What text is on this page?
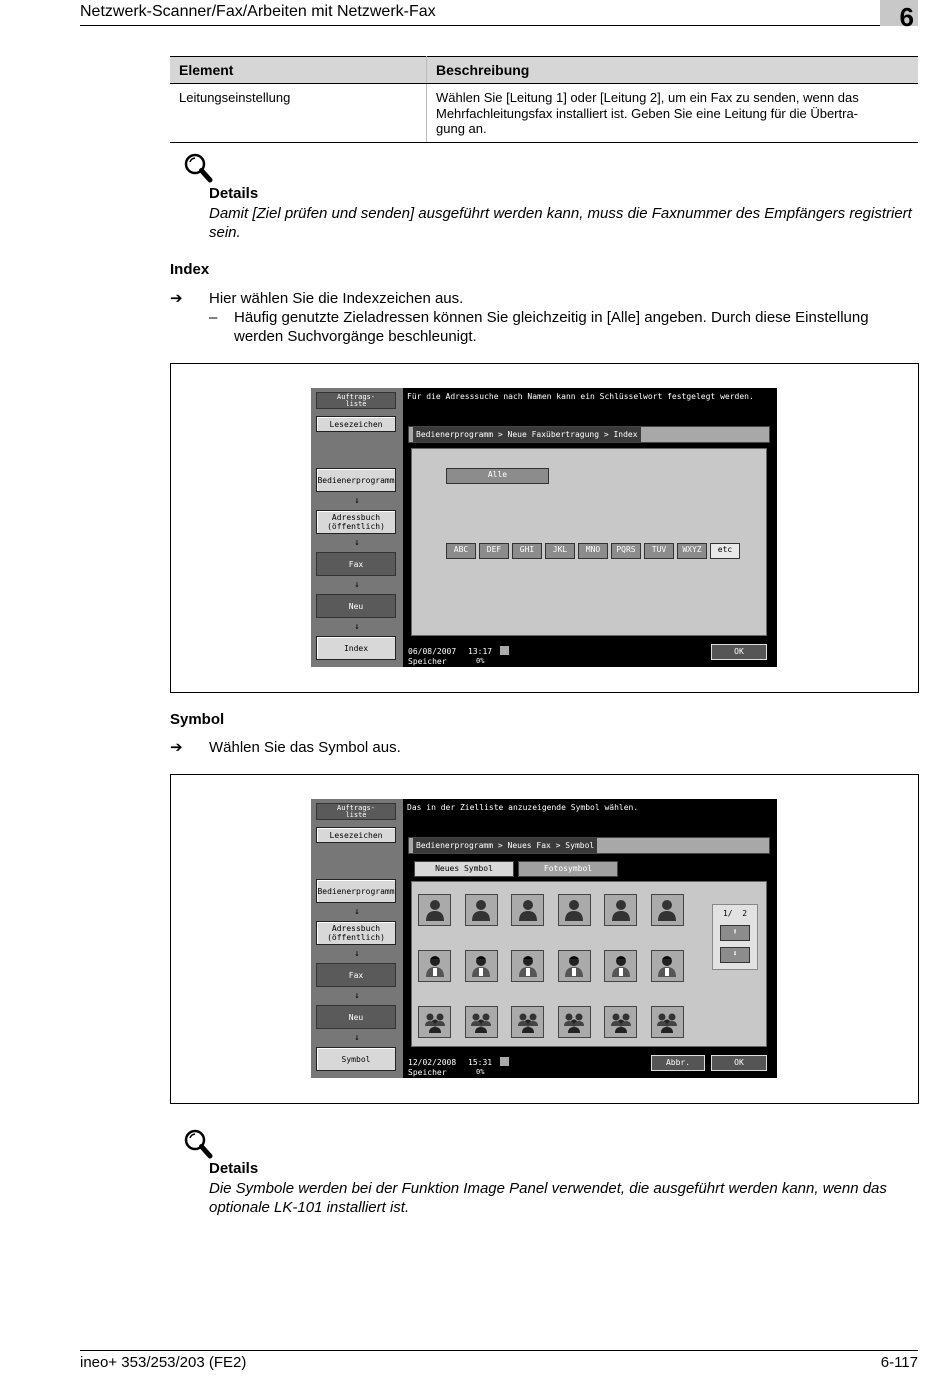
Netzwerk-Scanner/Fax/Arbeiten mit Netzwerk-Fax	6
Element	Beschreibung
Leitungseinstellung	Wählen Sie [Leitung 1] oder [Leitung 2], um ein Fax zu senden, wenn das
Mehrfachleitungsfax installiert ist. Geben Sie eine Leitung für die Übertra-
gung an.
Details
Damit [Ziel prüfen und senden] ausgeführt werden kann, muss die Faxnummer des Empfängers registriert sein.
Index
➔ Hier wählen Sie die Indexzeichen aus.
– Häufig genutzte Zieladressen können Sie gleichzeitig in [Alle] angeben. Durch diese Einstellung werden Suchvorgänge beschleunigt.
Auftrags-
liste
Lesezeichen
Bedienerprogramm
↓
Adressbuch
(öffentlich)
↓
Fax
↓
Neu
↓
Index
Für die Adresssuche nach Namen kann ein Schlüsselwort festgelegt werden.
Bedienerprogramm > Neue Faxübertragung > Index
Alle
ABC	DEF	GHI	JKL	MNO	PQRS	TUV	WXYZ	etc
06/08/2007 13:17
Speicher	0%
OK
Symbol
➔ Wählen Sie das Symbol aus.
Auftrags-
liste
Lesezeichen
Bedienerprogramm
↓
Adressbuch
(öffentlich)
↓
Fax
↓
Neu
↓
Symbol
Das in der Zielliste anzuzeigende Symbol wählen.
Bedienerprogramm > Neues Fax > Symbol
Neues Symbol	Fotosymbol
1/  2
⬆
⬇
12/02/2008 15:31
Speicher	0%
Abbr.	OK
Details
Die Symbole werden bei der Funktion Image Panel verwendet, die ausgeführt werden kann, wenn das optionale LK-101 installiert ist.
ineo+ 353/253/203 (FE2)	6-117
